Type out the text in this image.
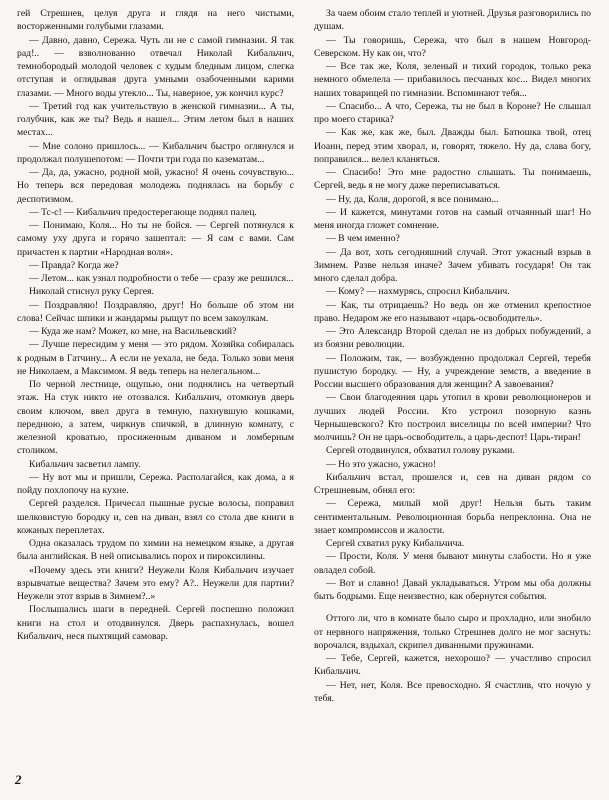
гей Стрешнев, целуя друга и глядя на него чистыми, восторженными голубыми глазами.

— Давно, давно, Сережа. Чуть ли не с самой гимназии. Я так рад!.. — взволнованно отвечал Николай Кибальчич, темнобородый молодой человек с худым бледным лицом, слегка отступая и оглядывая друга умными озабоченными карими глазами. — Много воды утекло... Ты, наверное, уж кончил курс?

— Третий год как учительствую в женской гимназии... А ты, голубчик, как же ты? Ведь я нашел... Этим летом был в наших местах...

— Мне солоно пришлось... — Кибальчич быстро оглянулся и продолжал полушепотом: — Почти три года по казематам...

— Да, да, ужасно, родной мой, ужасно! Я очень сочувствую... Но теперь вся передовая молодежь поднялась на борьбу с деспотизмом.

— Тс-с! — Кибальчич предостерегающе поднял палец.

— Понимаю, Коля... Но ты не бойся. — Сергей потянулся к самому уху друга и горячо зашептал: — Я сам с вами. Сам причастен к партии «Народная воля».

— Правда? Когда же?

— Летом... как узнал подробности о тебе — сразу же решился...

Николай стиснул руку Сергея.

— Поздравляю! Поздравляю, друг! Но больше об этом ни слова! Сейчас шпики и жандармы рыщут по всем закоулкам.

— Куда же нам? Может, ко мне, на Васильевский?

— Лучше пересидим у меня — это рядом. Хозяйка собиралась к родным в Гатчину... А если не уехала, не беда. Только зови меня не Николаем, а Максимом. Я ведь теперь на нелегальном...

По черной лестнице, ощупью, они поднялись на четвертый этаж. На стук никто не отозвался. Кибальчич, отомкнув дверь своим ключом, ввел друга в темную, пахнувшую кошками, переднюю, а затем, чиркнув спичкой, в длинную комнату, с железной кроватью, просиженным диваном и ломберным столиком.

Кибальчич засветил лампу.

— Ну вот мы и пришли, Сережа. Располагайся, как дома, а я пойду похлопочу на кухне.

Сергей разделся. Причесал пышные русые волосы, поправил шелковистую бородку и, сев на диван, взял со стола две книги в кожаных переплетах.

Одна оказалась трудом по химии на немецком языке, а другая была английская. В ней описывались порох и пироксилины.

«Почему здесь эти книги? Неужели Коля Кибальчич изучает взрывчатые вещества? Зачем это ему? А?.. Неужели для партии? Неужели этот взрыв в Зимнем?..»

Послышались шаги в передней. Сергей поспешно положил книги на стол и отодвинулся. Дверь распахнулась, вошел Кибальчич, неся пыхтящий самовар.

За чаем обоим стало теплей и уютней. Друзья разговорились по душам.

— Ты говоришь, Сережа, что был в нашем Новгород-Северском. Ну как он, что?

— Все так же, Коля, зеленый и тихий городок, только река немного обмелела — прибавилось песчаных кос... Видел многих наших товарищей по гимназии. Вспоминают тебя...

— Спасибо... А что, Сережа, ты не был в Короне? Не слышал про моего старика?

— Как же, как же, был. Дважды был. Батюшка твой, отец Иоанн, перед этим хворал, и, говорят, тяжело. Ну да, слава богу, поправился... велел кланяться.

— Спасибо! Это мне радостно слышать. Ты понимаешь, Сергей, ведь я не могу даже переписываться.

— Ну, да, Коля, дорогой, я все понимаю...

— И кажется, минутами готов на самый отчаянный шаг! Но меня иногда гложет сомнение.

— В чем именно?

— Да вот, хоть сегодняшний случай. Этот ужасный взрыв в Зимнем. Разве нельзя иначе? Зачем убивать государя! Он так много сделал добра.

— Кому? — нахмурясь, спросил Кибальчич.

— Как, ты отрицаешь? Но ведь он же отменил крепостное право. Недаром же его называют «царь-освободитель».

— Это Александр Второй сделал не из добрых побуждений, а из боязни революции.

— Положим, так, — возбужденно продолжал Сергей, теребя пушистую бородку. — Ну, а учреждение земств, а введение в России высшего образования для женщин? А завоевания?

— Свои благодеяния царь утопил в крови революционеров и лучших людей России. Кто устроил позорную казнь Чернышевского? Кто построил виселицы по всей империи? Что молчишь? Он не царь-освободитель, а царь-деспот! Царь-тиран!

Сергей отодвинулся, обхватил голову руками.

— Но это ужасно, ужасно!

Кибальчич встал, прошелся и, сев на диван рядом со Стрешневым, обнял его:

— Сережа, милый мой друг! Нельзя быть таким сентиментальным. Революционная борьба непреклонна. Она не знает компромиссов и жалости.

Сергей схватил руку Кибальчича.

— Прости, Коля. У меня бывают минуты слабости. Но я уже овладел собой.

— Вот и славно! Давай укладываться. Утром мы оба должны быть бодрыми. Еще неизвестно, как обернутся события.

Оттого ли, что в комнате было сыро и прохладно, или знобило от нервного напряжения, только Стрешнев долго не мог заснуть: ворочался, вздыхал, скрипел диванными пружинами.

— Тебе, Сергей, кажется, нехорошо? — участливо спросил Кибальчич.

— Нет, нет, Коля. Все превосходно. Я счастлив, что ночую у тебя.

2
